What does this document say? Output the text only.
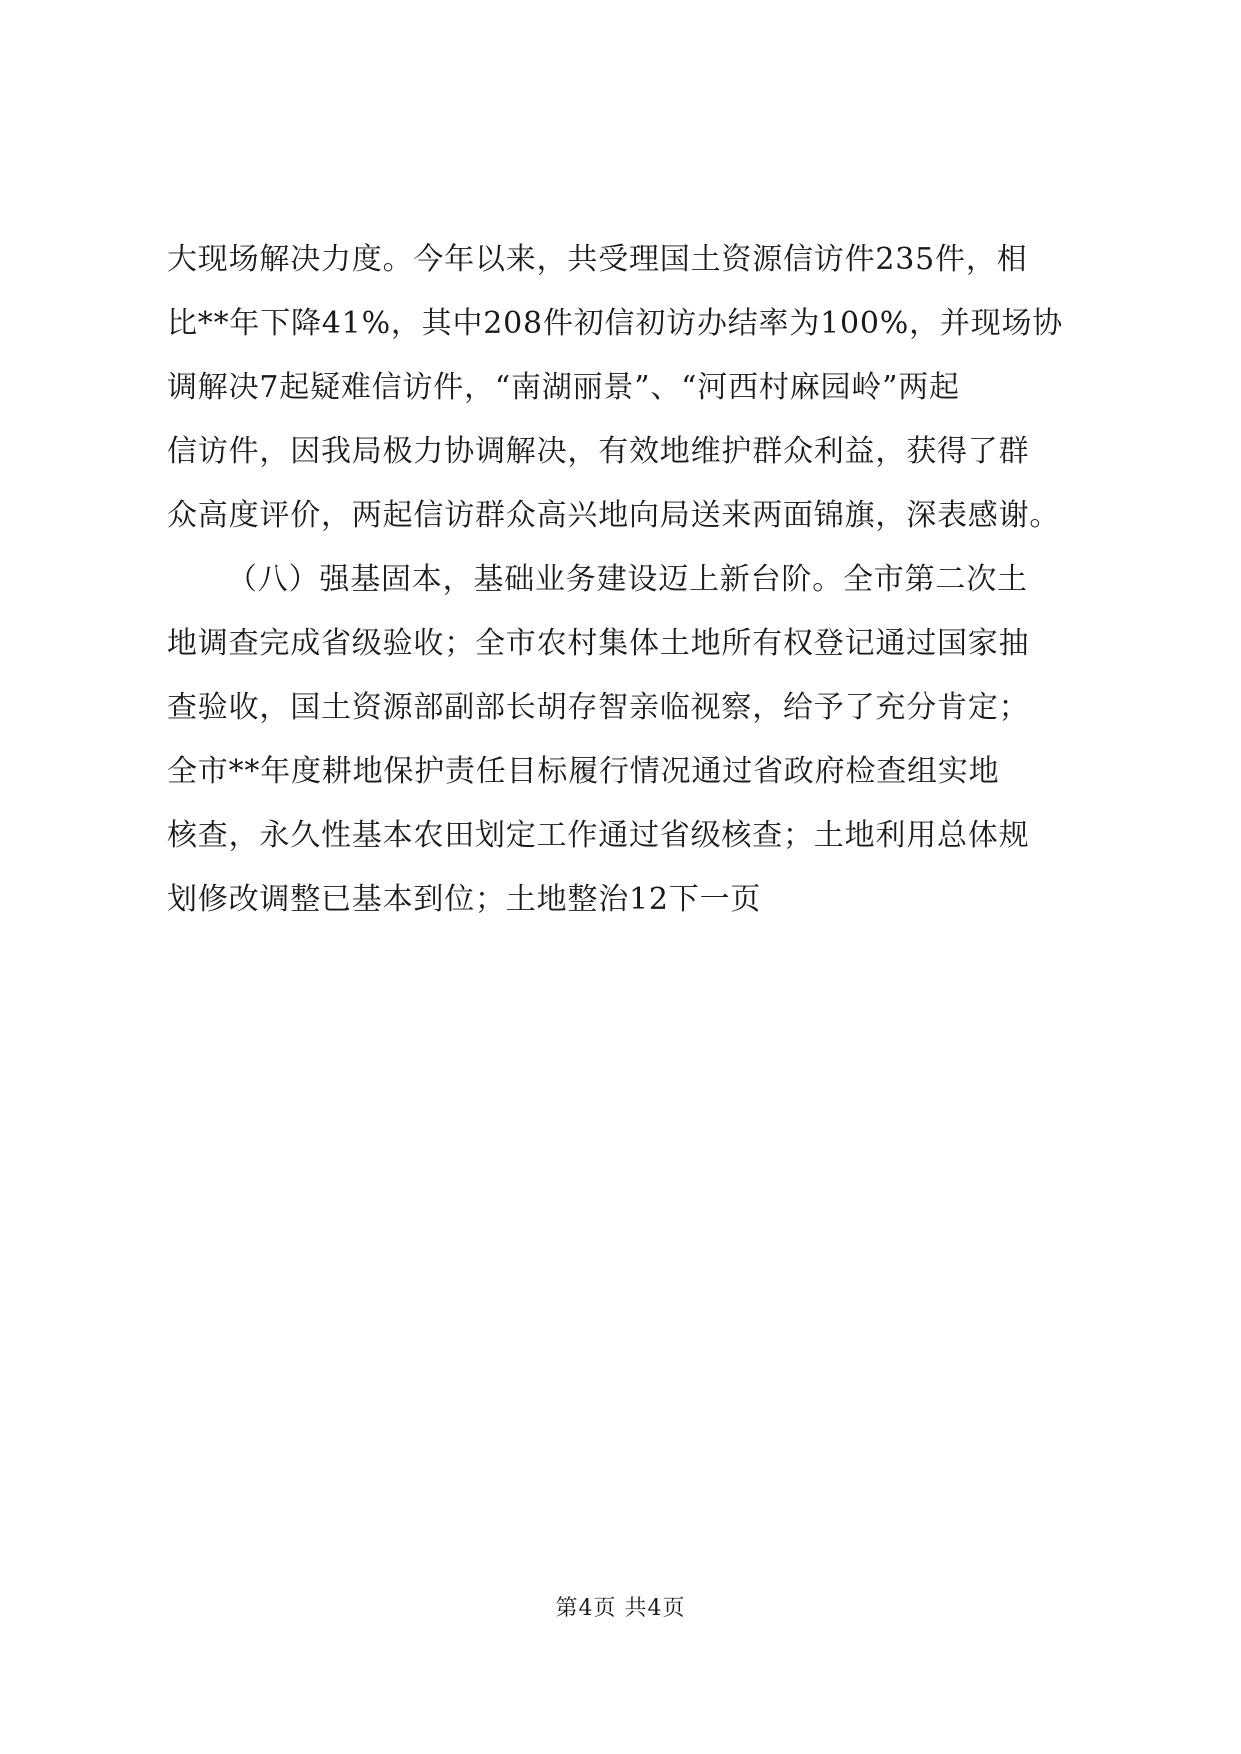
大现场解决力度。今年以来，共受理国土资源信访件235件，相
比**年下降41%，其中208件初信初访办结率为100%，并现场协
调解决7起疑难信访件，“南湖丽景”、“河西村麻园岭”两起
信访件，因我局极力协调解决，有效地维护群众利益，获得了群
众高度评价，两起信访群众高兴地向局送来两面锦旗，深表感谢。
（八）强基固本，基础业务建设迈上新台阶。全市第二次土
地调查完成省级验收；全市农村集体土地所有权登记通过国家抽
查验收，国土资源部副部长胡存智亲临视察，给予了充分肯定；
全市**年度耕地保护责任目标履行情况通过省政府检查组实地
核查，永久性基本农田划定工作通过省级核查；土地利用总体规
划修改调整已基本到位；土地整治12下一页
第4页 共4页
